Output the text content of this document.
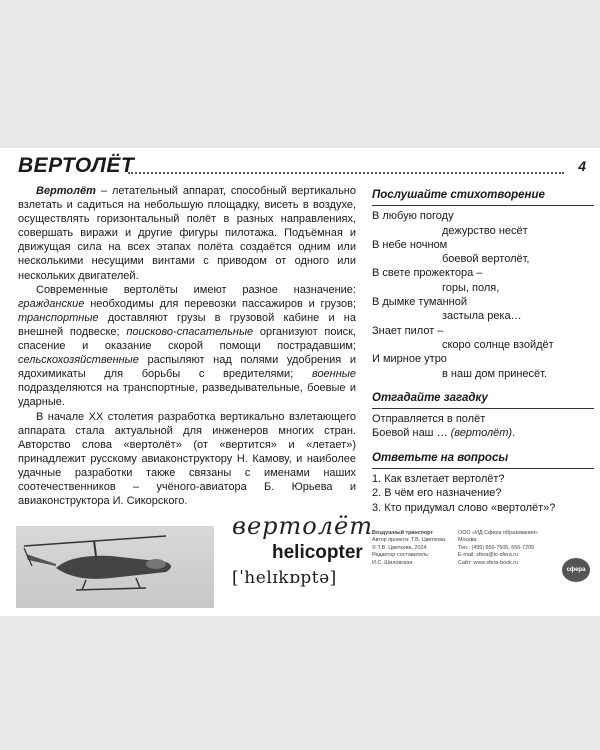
ВЕРТОЛЁТ	4

Вертолёт – летательный аппарат, способный вертикально взлетать и садиться на небольшую площадку, висеть в воздухе, осуществлять горизонтальный полёт в разных направлениях, совершать виражи и другие фигуры пилотажа. Подъёмная и движущая сила на всех этапах полёта создаётся одним или несколькими несущими винтами с приводом от одного или нескольких двигателей.

Современные вертолёты имеют разное назначение: гражданские необходимы для перевозки пассажиров и грузов; транспортные доставляют грузы в грузовой кабине и на внешней подвеске; поисково-спасательные организуют поиск, спасение и оказание скорой помощи пострадавшим; сельскохозяйственные распыляют над полями удобрения и ядохимикаты для борьбы с вредителями; военные подразделяются на транспортные, разведывательные, боевые и ударные.

В начале XX столетия разработка вертикально взлетающего аппарата стала актуальной для инженеров многих стран. Авторство слова «вертолёт» (от «вертится» и «летает») принадлежит русскому авиаконструктору Н. Камову, и наиболее удачные разработки также связаны с именами наших соотечественников – учёного-авиатора Б. Юрьева и авиаконструктора И. Сикорского.

Послушайте стихотворение
В любую погоду
дежурство несёт
В небе ночном
боевой вертолёт,
В свете прожектора –
горы, поля,
В дымке туманной
застыла река…
Знает пилот –
скоро солнце взойдёт
И мирное утро
в наш дом принесёт.
Отгадайте загадку
Отправляется в полёт
Боевой наш … (вертолёт).
Ответьте на вопросы
1. Как взлетает вертолёт?
2. В чём его назначение?
3. Кто придумал слово «вертолёт»?
вертолёт
helicopter
[ˈhelɪkɒptə]
Воздушный транспорт
Автор проекта: Т.В. Цветкова
© Т.В. Цветкова, 2024
Редактор-составитель:
И.С. Шиловская
ООО «ИД Сфера образования»
Москва
Тел.: (495) 656-7505, 656-7205
E-mail: sfera@tc-sfera.ru
Сайт: www.sfera-book.ru
сфера
